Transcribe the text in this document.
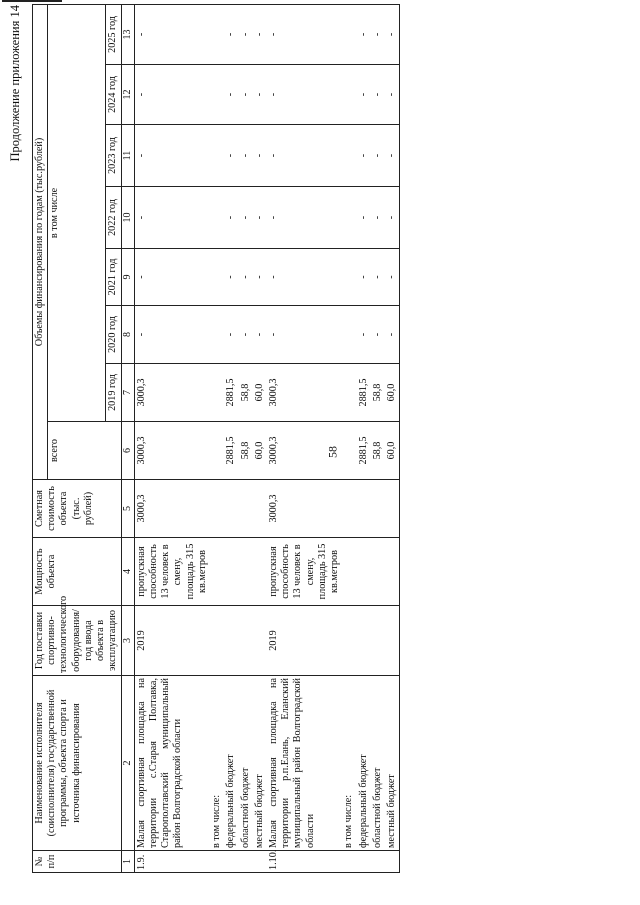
58
Продолжение приложения 14
№ п/п	Наименование исполнителя (соисполнителя) государственной программы, объекта спорта и источника финансирования	Год поставки спортивно-технологического оборудования/ год ввода объекта в эксплуатацию	Мощность объекта	Сметная стоимость объекта (тыс. рублей)	Объемы финансирования по годам (тыс.рублей)							
					всего	в том числе						
						2019 год	2020 год	2021 год	2022 год	2023 год	2024 год	2025 год
1	2	3	4	5	6	7	8	9	10	11	12	13
1.9.	Малая спортивная площадка на территории с.Старая Полтавка, Старополтавский муниципальный район Волгоградской области	2019	пропускная способность 13 человек в смену, площадь 315 кв.метров	3000,3	3000,3	3000,3	-	-	-	-	-	-
	в том числе:											
	федеральный бюджет				2881,5	2881,5	-	-	-	-	-	-
	областной бюджет				58,8	58,8	-	-	-	-	-	-
	местный бюджет				60,0	60,0	-	-	-	-	-	-
1.10.	Малая спортивная площадка на территории р.п.Елань, Еланский муниципальный район Волгоградской области	2019	пропускная способность 13 человек в смену, площадь 315 кв.метров	3000,3	3000,3	3000,3	-	-	-	-	-	-
	в том числе:											
	федеральный бюджет				2881,5	2881,5	-	-	-	-	-	-
	областной бюджет				58,8	58,8	-	-	-	-	-	-
	местный бюджет				60,0	60,0	-	-	-	-	-	-
